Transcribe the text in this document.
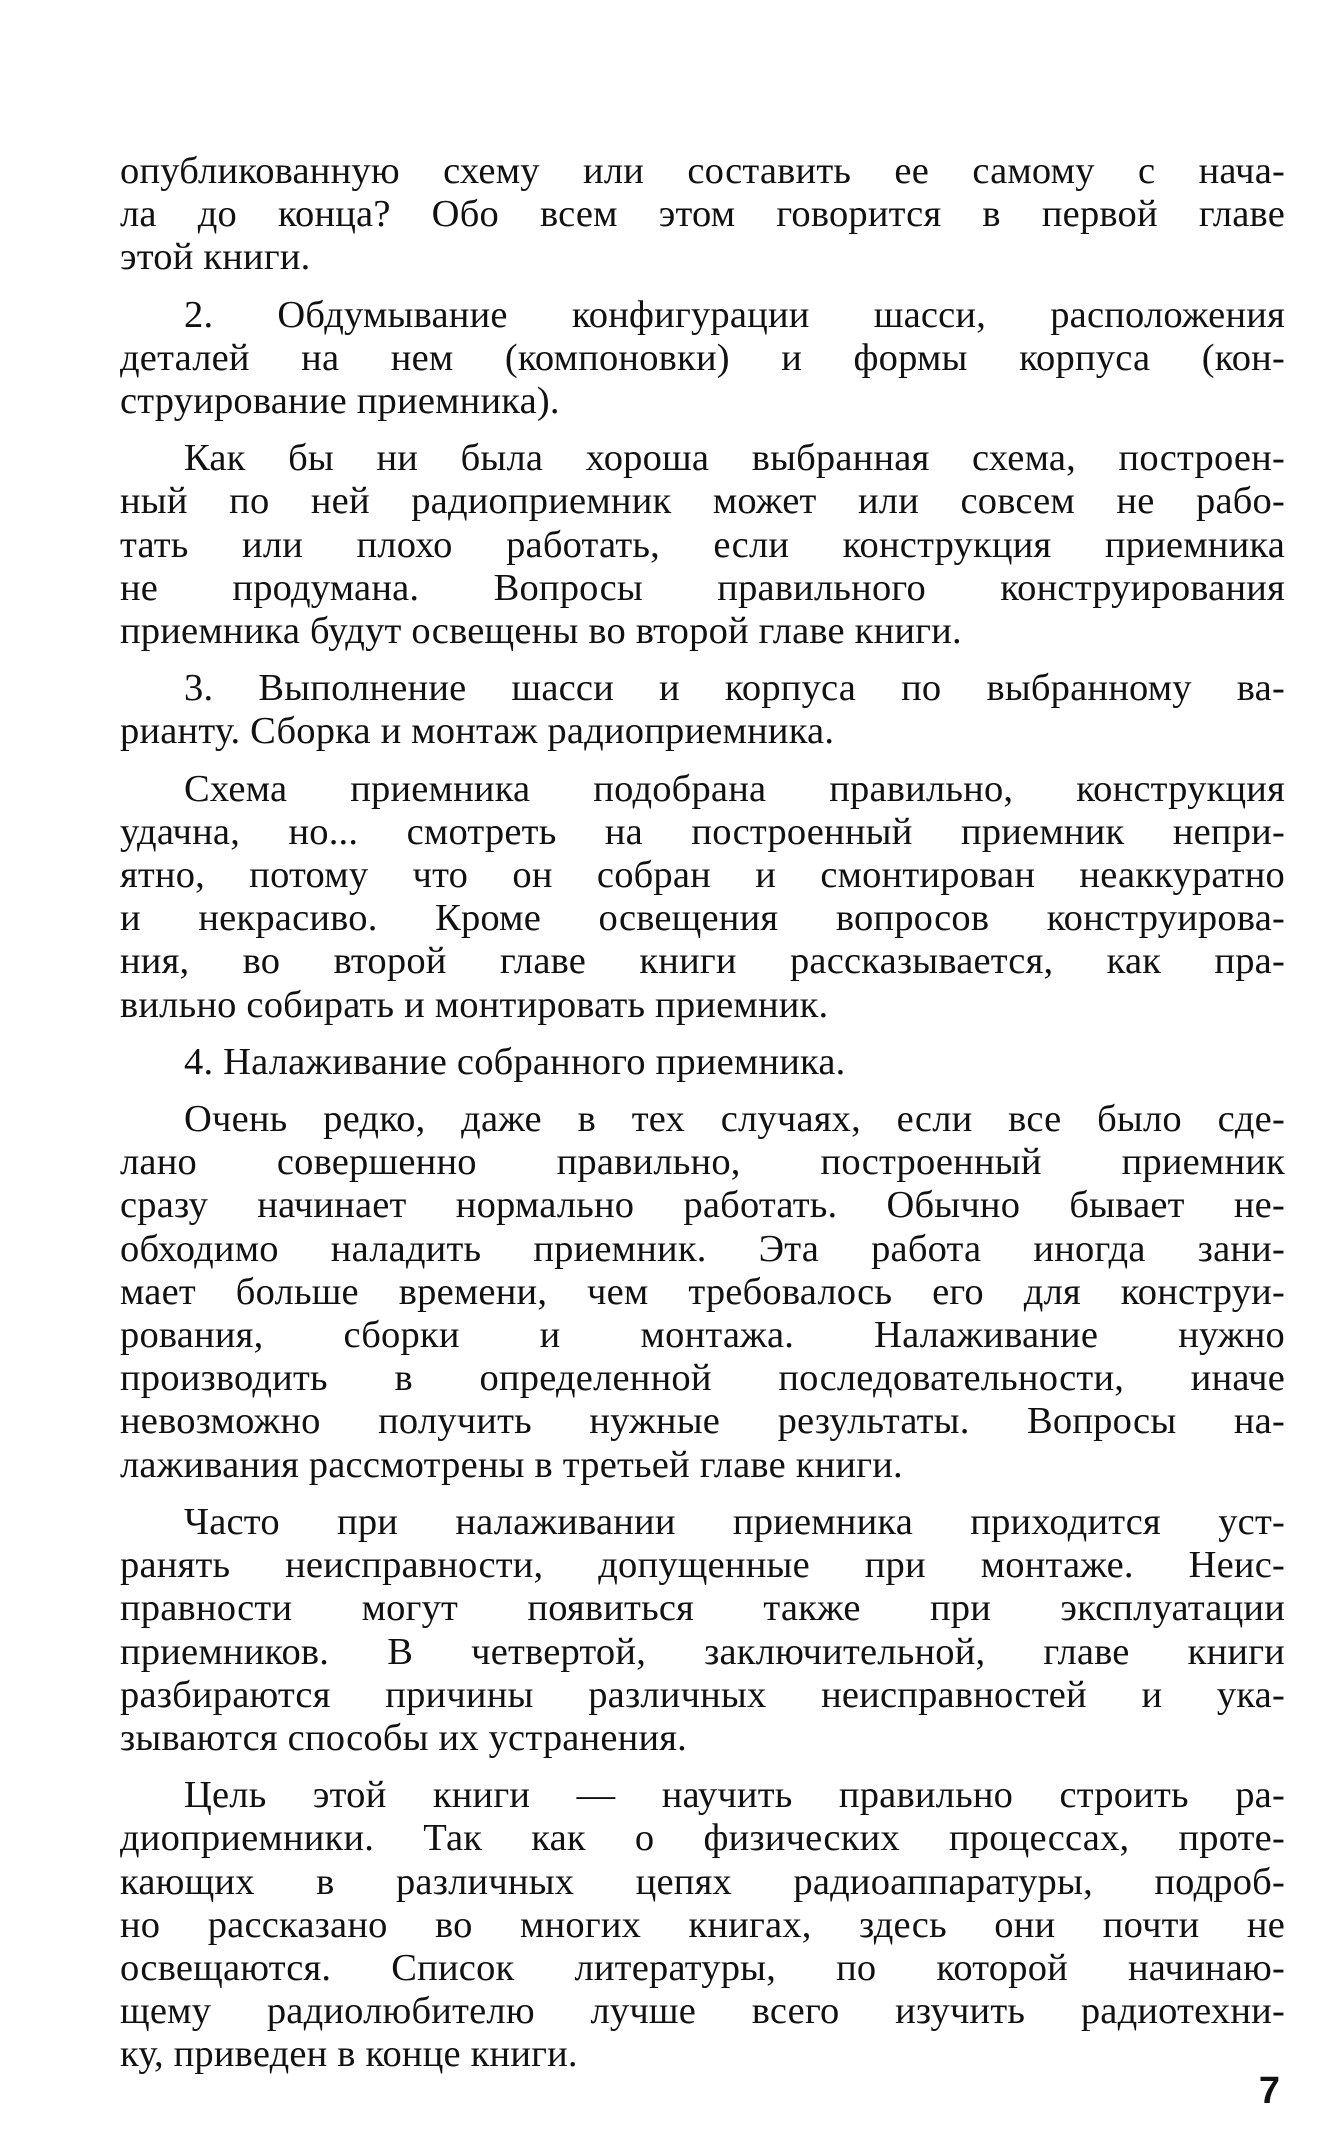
опубликованную схему или составить ее самому с нача-
ла до конца? Обо всем этом говорится в первой главе
этой книги.
2. Обдумывание конфигурации шасси, расположения
деталей на нем (компоновки) и формы корпуса (кон-
струирование приемника).
Как бы ни была хороша выбранная схема, построен-
ный по ней радиоприемник может или совсем не рабо-
тать или плохо работать, если конструкция приемника
не продумана. Вопросы правильного конструирования
приемника будут освещены во второй главе книги.
3. Выполнение шасси и корпуса по выбранному ва-
рианту. Сборка и монтаж радиоприемника.
Схема приемника подобрана правильно, конструкция
удачна, но... смотреть на построенный приемник непри-
ятно, потому что он собран и смонтирован неаккуратно
и некрасиво. Кроме освещения вопросов конструирова-
ния, во второй главе книги рассказывается, как пра-
вильно собирать и монтировать приемник.
4. Налаживание собранного приемника.
Очень редко, даже в тех случаях, если все было сде-
лано совершенно правильно, построенный приемник
сразу начинает нормально работать. Обычно бывает не-
обходимо наладить приемник. Эта работа иногда зани-
мает больше времени, чем требовалось его для конструи-
рования, сборки и монтажа. Налаживание нужно
производить в определенной последовательности, иначе
невозможно получить нужные результаты. Вопросы на-
лаживания рассмотрены в третьей главе книги.
Часто при налаживании приемника приходится уст-
ранять неисправности, допущенные при монтаже. Неис-
правности могут появиться также при эксплуатации
приемников. В четвертой, заключительной, главе книги
разбираются причины различных неисправностей и ука-
зываются способы их устранения.
Цель этой книги — научить правильно строить ра-
диоприемники. Так как о физических процессах, проте-
кающих в различных цепях радиоаппаратуры, подроб-
но рассказано во многих книгах, здесь они почти не
освещаются. Список литературы, по которой начинаю-
щему радиолюбителю лучше всего изучить радиотехни-
ку, приведен в конце книги.
7
